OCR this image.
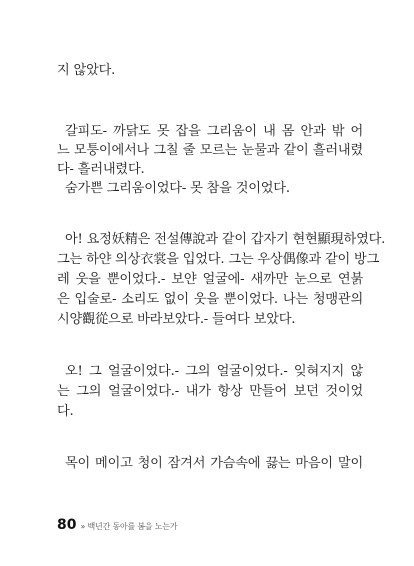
지 않았다.
갈피도- 까닭도 못 잡을 그리움이 내 몸 안과 밖 어
느 모퉁이에서나 그칠 줄 모르는 눈물과 같이 흘러내렸
다- 흘러내렸다.
숨가쁜 그리움이었다- 못 참을 것이었다.
아! 요정妖精은 전설傳說과 같이 갑자기 현현顯現하였다.
그는 하얀 의상衣裳을 입었다. 그는 우상偶像과 같이 방그
레 웃을 뿐이었다.- 보얀 얼굴에- 새까만 눈으로 연붉
은 입술로- 소리도 없이 웃을 뿐이었다. 나는 청맹관의
시양觀從으로 바라보았다.- 들여다 보았다.
오! 그 얼굴이었다.- 그의 얼굴이었다.- 잊혀지지 않
는 그의 얼굴이었다.- 내가 항상 만들어 보던 것이었
다.
목이 메이고 청이 잠겨서 가슴속에 끓는 마음이 말이
80 » 백년간 동아를 봄을 노는가
